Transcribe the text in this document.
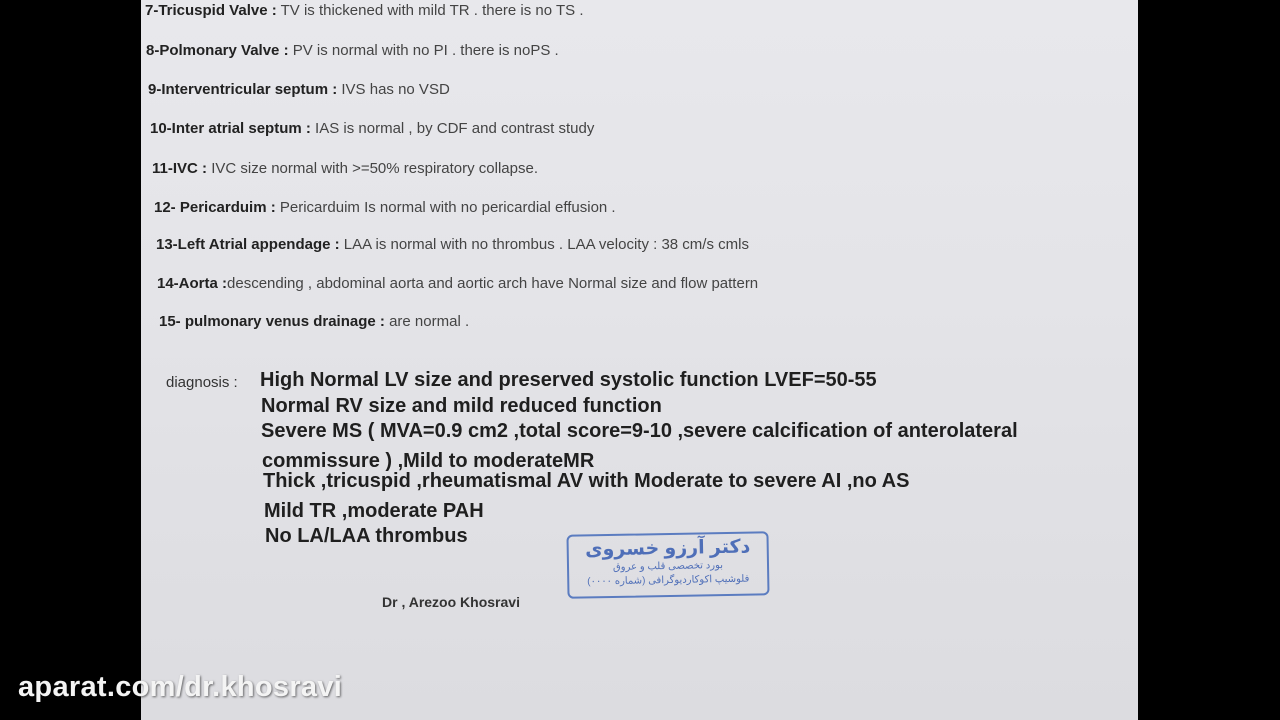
7-Tricuspid Valve : TV is thickened with mild TR . there is no TS .
8-Polmonary Valve : PV is normal with no PI . there is noPS .
9-Interventricular septum : IVS has no VSD
10-Inter atrial septum : IAS is normal , by CDF and contrast study
11-IVC : IVC size normal with >=50% respiratory collapse.
12- Pericarduim : Pericarduim Is normal with no pericardial effusion .
13-Left Atrial appendage : LAA is normal with no thrombus . LAA velocity : 38 cm/s cmls
14-Aorta :descending , abdominal aorta and aortic arch have Normal size and flow pattern
15- pulmonary venus drainage : are normal .
diagnosis : High Normal LV size and preserved systolic function LVEF=50-55
Normal RV size and mild reduced function
Severe MS ( MVA=0.9 cm2 ,total score=9-10 ,severe calcification of anterolateral
commissure ) ,Mild to moderateMR
Thick ,tricuspid ,rheumatismal AV with Moderate to severe AI ,no AS
Mild TR ,moderate PAH
No LA/LAA thrombus
دکتر آرزو خسروی
بورد تخصصی قلب و عروق
فلوشیپ اکوکاردیوگرافی (شماره ۰۰۰۰)
Dr , Arezoo Khosravi
aparat.com/dr.khosravi
